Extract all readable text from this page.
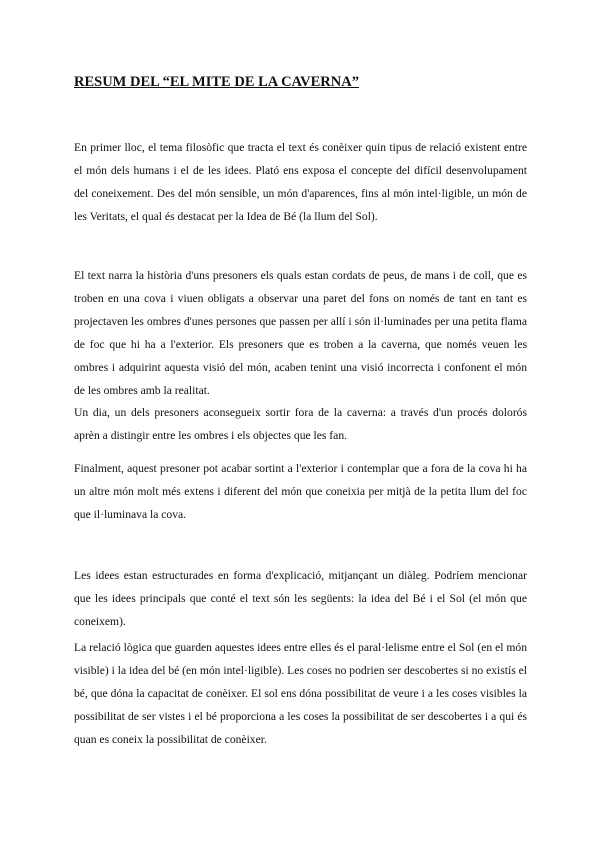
RESUM DEL “EL MITE DE LA CAVERNA”

En primer lloc, el tema filosòfic que tracta el text és conèixer quin tipus de relació existent entre el món dels humans i el de les idees. Plató ens exposa el concepte del difícil desenvolupament del coneixement. Des del món sensible, un món d'aparences, fins al món intel·ligible, un món de les Veritats, el qual és destacat per la Idea de Bé (la llum del Sol).

El text narra la història d'uns presoners els quals estan cordats de peus, de mans i de coll, que es troben en una cova i viuen obligats a observar una paret del fons on només de tant en tant es projectaven les ombres d'unes persones que passen per allí i són il·luminades per una petita flama de foc que hi ha a l'exterior. Els presoners que es troben a la caverna, que només veuen les ombres i adquirint aquesta visió del món, acaben tenint una visió incorrecta i confonent el món de les ombres amb la realitat.

Un dia, un dels presoners aconsegueix sortir fora de la caverna: a través d'un procés dolorós aprèn a distingir entre les ombres i els objectes que les fan.

Finalment, aquest presoner pot acabar sortint a l'exterior i contemplar que a fora de la cova hi ha un altre món molt més extens i diferent del món que coneixia per mitjà de la petita llum del foc que il·luminava la cova.

Les idees estan estructurades en forma d'explicació, mitjançant un diàleg. Podríem mencionar que les idees principals que conté el text són les següents: la idea del Bé i el Sol (el món que coneixem).

La relació lògica que guarden aquestes idees entre elles és el paral·lelisme entre el Sol (en el món visible) i la idea del bé (en món intel·ligible). Les coses no podrien ser descobertes si no existís el bé, que dóna la capacitat de conèixer. El sol ens dóna possibilitat de veure i a les coses visibles la possibilitat de ser vistes i el bé proporciona a les coses la possibilitat de ser descobertes i a qui és quan es coneix la possibilitat de conèixer.
